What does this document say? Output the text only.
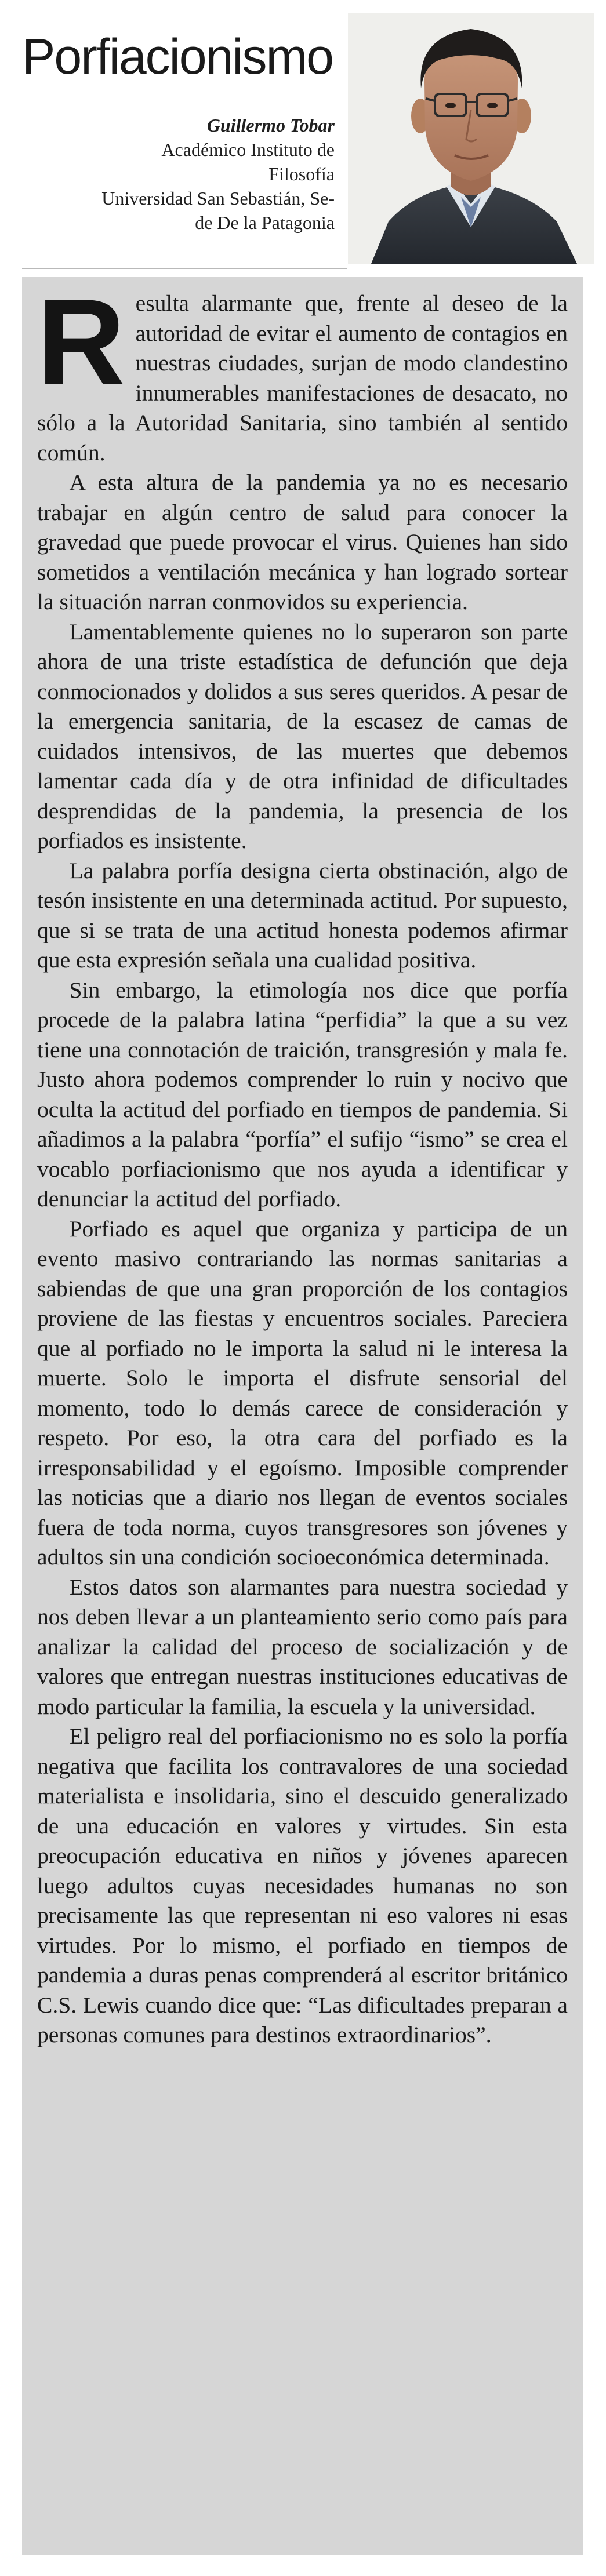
Porfiacionismo
Guillermo Tobar
Académico Instituto de
Filosofía
Universidad San Sebastián, Se-
de De la Patagonia

Resulta alarmante que, frente al deseo de la autoridad de evitar el aumento de contagios en nuestras ciudades, surjan de modo clandestino innumerables manifestaciones de desacato, no sólo a la Autoridad Sanitaria, sino también al sentido común.

A esta altura de la pandemia ya no es necesario trabajar en algún centro de salud para conocer la gravedad que puede provocar el virus. Quienes han sido sometidos a ventilación mecánica y han logrado sortear la situación narran conmovidos su experiencia.

Lamentablemente quienes no lo superaron son parte ahora de una triste estadística de defunción que deja conmocionados y dolidos a sus seres queridos. A pesar de la emergencia sanitaria, de la escasez de camas de cuidados intensivos, de las muertes que debemos lamentar cada día y de otra infinidad de dificultades desprendidas de la pandemia, la presencia de los porfiados es insistente.

La palabra porfía designa cierta obstinación, algo de tesón insistente en una determinada actitud. Por supuesto, que si se trata de una actitud honesta podemos afirmar que esta expresión señala una cualidad positiva.

Sin embargo, la etimología nos dice que porfía procede de la palabra latina “perfidia” la que a su vez tiene una connotación de traición, transgresión y mala fe. Justo ahora podemos comprender lo ruin y nocivo que oculta la actitud del porfiado en tiempos de pandemia. Si añadimos a la palabra “porfía” el sufijo “ismo” se crea el vocablo porfiacionismo que nos ayuda a identificar y denunciar la actitud del porfiado.

Porfiado es aquel que organiza y participa de un evento masivo contrariando las normas sanitarias a sabiendas de que una gran proporción de los contagios proviene de las fiestas y encuentros sociales. Pareciera que al porfiado no le importa la salud ni le interesa la muerte. Solo le importa el disfrute sensorial del momento, todo lo demás carece de consideración y respeto. Por eso, la otra cara del porfiado es la irresponsabilidad y el egoísmo. Imposible comprender las noticias que a diario nos llegan de eventos sociales fuera de toda norma, cuyos transgresores son jóvenes y adultos sin una condición socioeconómica determinada.

Estos datos son alarmantes para nuestra sociedad y nos deben llevar a un planteamiento serio como país para analizar la calidad del proceso de socialización y de valores que entregan nuestras instituciones educativas de modo particular la familia, la escuela y la universidad.

El peligro real del porfiacionismo no es solo la porfía negativa que facilita los contravalores de una sociedad materialista e insolidaria, sino el descuido generalizado de una educación en valores y virtudes. Sin esta preocupación educativa en niños y jóvenes aparecen luego adultos cuyas necesidades humanas no son precisamente las que representan ni eso valores ni esas virtudes. Por lo mismo, el porfiado en tiempos de pandemia a duras penas comprenderá al escritor británico C.S. Lewis cuando dice que: “Las dificultades preparan a personas comunes para destinos extraordinarios”.
